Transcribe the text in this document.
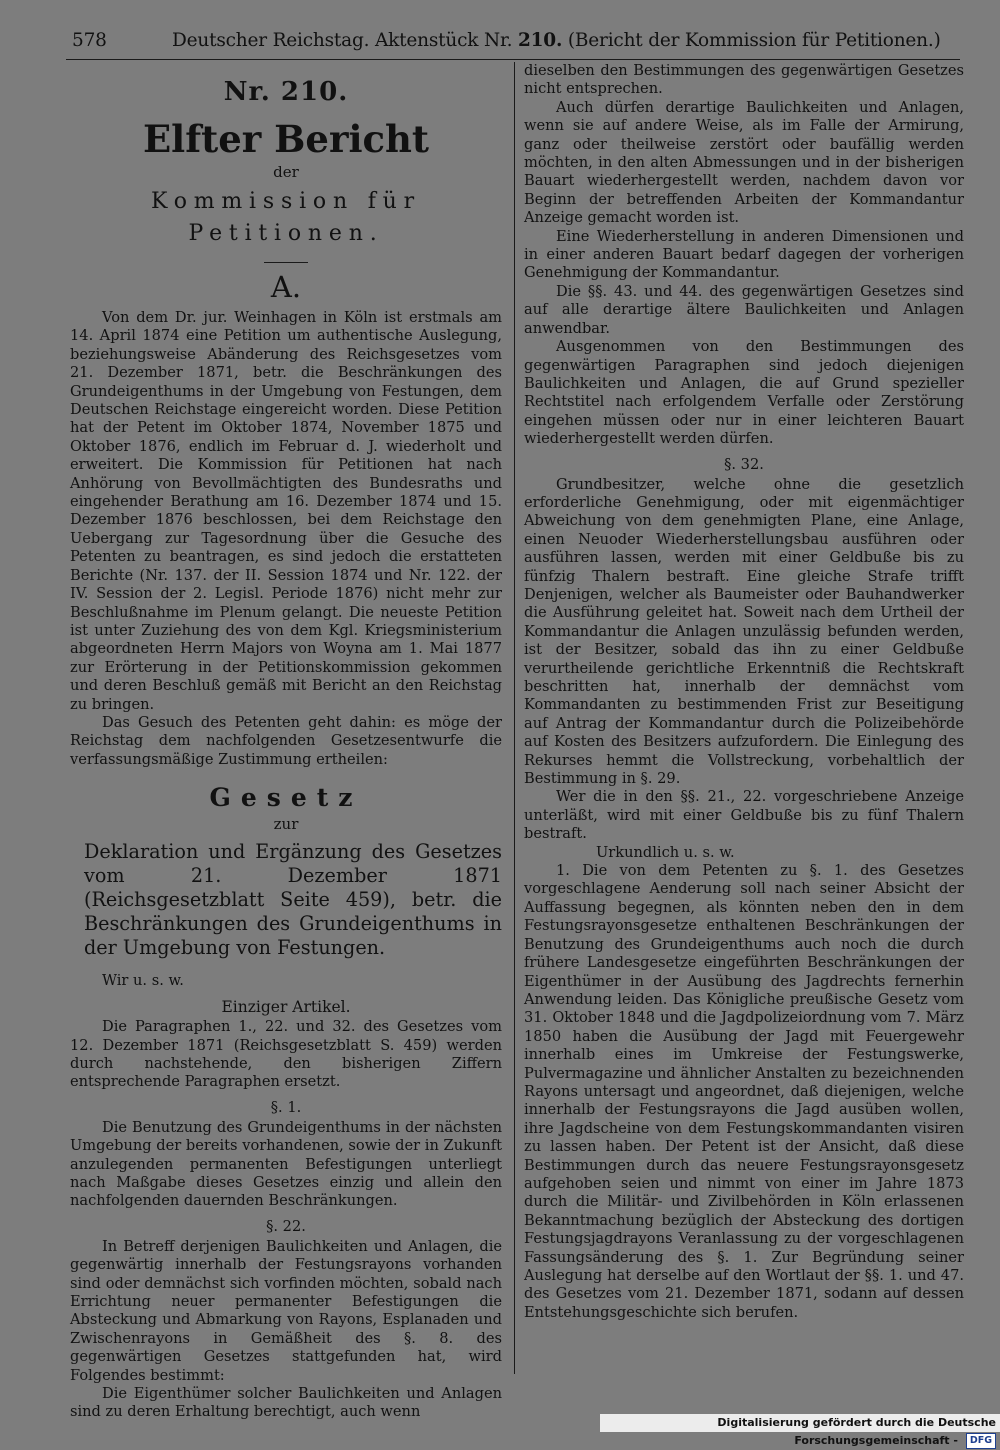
578	Deutscher Reichstag. Aktenstück Nr. 210. (Bericht der Kommission für Petitionen.)
Nr. 210.
Elfter Bericht
der
Kommission für Petitionen.
A.

Von dem Dr. jur. Weinhagen in Köln ist erstmals am 14. April 1874 eine Petition um authentische Auslegung, beziehungsweise Abänderung des Reichsgesetzes vom 21. Dezember 1871, betr. die Beschränkungen des Grundeigenthums in der Umgebung von Festungen, dem Deutschen Reichstage eingereicht worden. Diese Petition hat der Petent im Oktober 1874, November 1875 und Oktober 1876, endlich im Februar d. J. wiederholt und erweitert. Die Kommission für Petitionen hat nach Anhörung von Bevollmächtigten des Bundesraths und eingehender Berathung am 16. Dezember 1874 und 15. Dezember 1876 beschlossen, bei dem Reichstage den Uebergang zur Tagesordnung über die Gesuche des Petenten zu beantragen, es sind jedoch die erstatteten Berichte (Nr. 137. der II. Session 1874 und Nr. 122. der IV. Session der 2. Legisl. Periode 1876) nicht mehr zur Beschlußnahme im Plenum gelangt. Die neueste Petition ist unter Zuziehung des von dem Kgl. Kriegsministerium abgeordneten Herrn Majors von Woyna am 1. Mai 1877 zur Erörterung in der Petitionskommission gekommen und deren Beschluß gemäß mit Bericht an den Reichstag zu bringen.

Das Gesuch des Petenten geht dahin: es möge der Reichstag dem nachfolgenden Gesetzesentwurfe die verfassungsmäßige Zustimmung ertheilen:

Gesetz
zur
Deklaration und Ergänzung des Gesetzes vom 21. Dezember 1871 (Reichsgesetzblatt Seite 459), betr. die Beschränkungen des Grundeigenthums in der Umgebung von Festungen.
Wir u. s. w.
Einziger Artikel.

Die Paragraphen 1., 22. und 32. des Gesetzes vom 12. Dezember 1871 (Reichsgesetzblatt S. 459) werden durch nachstehende, den bisherigen Ziffern entsprechende Paragraphen ersetzt.

§. 1.

Die Benutzung des Grundeigenthums in der nächsten Umgebung der bereits vorhandenen, sowie der in Zukunft anzulegenden permanenten Befestigungen unterliegt nach Maßgabe dieses Gesetzes einzig und allein den nachfolgenden dauernden Beschränkungen.

§. 22.

In Betreff derjenigen Baulichkeiten und Anlagen, die gegenwärtig innerhalb der Festungsrayons vorhanden sind oder demnächst sich vorfinden möchten, sobald nach Errichtung neuer permanenter Befestigungen die Absteckung und Abmarkung von Rayons, Esplanaden und Zwischenrayons in Gemäßheit des §. 8. des gegenwärtigen Gesetzes stattgefunden hat, wird Folgendes bestimmt:

Die Eigenthümer solcher Baulichkeiten und Anlagen sind zu deren Erhaltung berechtigt, auch wenn

dieselben den Bestimmungen des gegenwärtigen Gesetzes nicht entsprechen.

Auch dürfen derartige Baulichkeiten und Anlagen, wenn sie auf andere Weise, als im Falle der Armirung, ganz oder theilweise zerstört oder baufällig werden möchten, in den alten Abmessungen und in der bisherigen Bauart wiederhergestellt werden, nachdem davon vor Beginn der betreffenden Arbeiten der Kommandantur Anzeige gemacht worden ist.

Eine Wiederherstellung in anderen Dimensionen und in einer anderen Bauart bedarf dagegen der vorherigen Genehmigung der Kommandantur.

Die §§. 43. und 44. des gegenwärtigen Gesetzes sind auf alle derartige ältere Baulichkeiten und Anlagen anwendbar.

Ausgenommen von den Bestimmungen des gegenwärtigen Paragraphen sind jedoch diejenigen Baulichkeiten und Anlagen, die auf Grund spezieller Rechtstitel nach erfolgendem Verfalle oder Zerstörung eingehen müssen oder nur in einer leichteren Bauart wiederhergestellt werden dürfen.

§. 32.

Grundbesitzer, welche ohne die gesetzlich erforderliche Genehmigung, oder mit eigenmächtiger Abweichung von dem genehmigten Plane, eine Anlage, einen Neuoder Wiederherstellungsbau ausführen oder ausführen lassen, werden mit einer Geldbuße bis zu fünfzig Thalern bestraft. Eine gleiche Strafe trifft Denjenigen, welcher als Baumeister oder Bauhandwerker die Ausführung geleitet hat. Soweit nach dem Urtheil der Kommandantur die Anlagen unzulässig befunden werden, ist der Besitzer, sobald das ihn zu einer Geldbuße verurtheilende gerichtliche Erkenntniß die Rechtskraft beschritten hat, innerhalb der demnächst vom Kommandanten zu bestimmenden Frist zur Beseitigung auf Antrag der Kommandantur durch die Polizeibehörde auf Kosten des Besitzers aufzufordern. Die Einlegung des Rekurses hemmt die Vollstreckung, vorbehaltlich der Bestimmung in §. 29.

Wer die in den §§. 21., 22. vorgeschriebene Anzeige unterläßt, wird mit einer Geldbuße bis zu fünf Thalern bestraft.

Urkundlich u. s. w.

1. Die von dem Petenten zu §. 1. des Gesetzes vorgeschlagene Aenderung soll nach seiner Absicht der Auffassung begegnen, als könnten neben den in dem Festungsrayonsgesetze enthaltenen Beschränkungen der Benutzung des Grundeigenthums auch noch die durch frühere Landesgesetze eingeführten Beschränkungen der Eigenthümer in der Ausübung des Jagdrechts fernerhin Anwendung leiden. Das Königliche preußische Gesetz vom 31. Oktober 1848 und die Jagdpolizeiordnung vom 7. März 1850 haben die Ausübung der Jagd mit Feuergewehr innerhalb eines im Umkreise der Festungswerke, Pulvermagazine und ähnlicher Anstalten zu bezeichnenden Rayons untersagt und angeordnet, daß diejenigen, welche innerhalb der Festungsrayons die Jagd ausüben wollen, ihre Jagdscheine von dem Festungskommandanten visiren zu lassen haben. Der Petent ist der Ansicht, daß diese Bestimmungen durch das neuere Festungsrayonsgesetz aufgehoben seien und nimmt von einer im Jahre 1873 durch die Militär- und Zivilbehörden in Köln erlassenen Bekanntmachung bezüglich der Absteckung des dortigen Festungsjagdrayons Veranlassung zu der vorgeschlagenen Fassungsänderung des §. 1. Zur Begründung seiner Auslegung hat derselbe auf den Wortlaut der §§. 1. und 47. des Gesetzes vom 21. Dezember 1871, sodann auf dessen Entstehungsgeschichte sich berufen.

Digitalisierung gefördert durch die Deutsche Forschungsgemeinschaft - DFG
